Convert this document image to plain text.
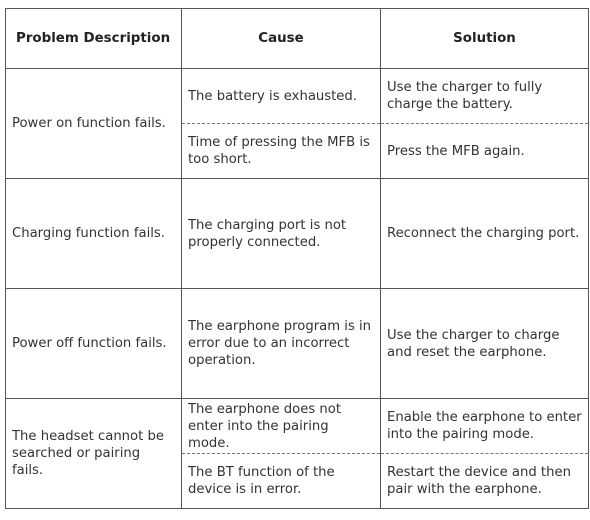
Problem Description	Cause	Solution
Power on function fails.	The battery is exhausted.	Use the charger to fully charge the battery.
	Time of pressing the MFB is too short.	Press the MFB again.
Charging function fails.	The charging port is not properly connected.	Reconnect the charging port.
Power off function fails.	The earphone program is in error due to an incorrect operation.	Use the charger to charge and reset the earphone.
The headset cannot be searched or pairing fails.	The earphone does not enter into the pairing mode.	Enable the earphone to enter into the pairing mode.
	The BT function of the device is in error.	Restart the device and then pair with the earphone.
